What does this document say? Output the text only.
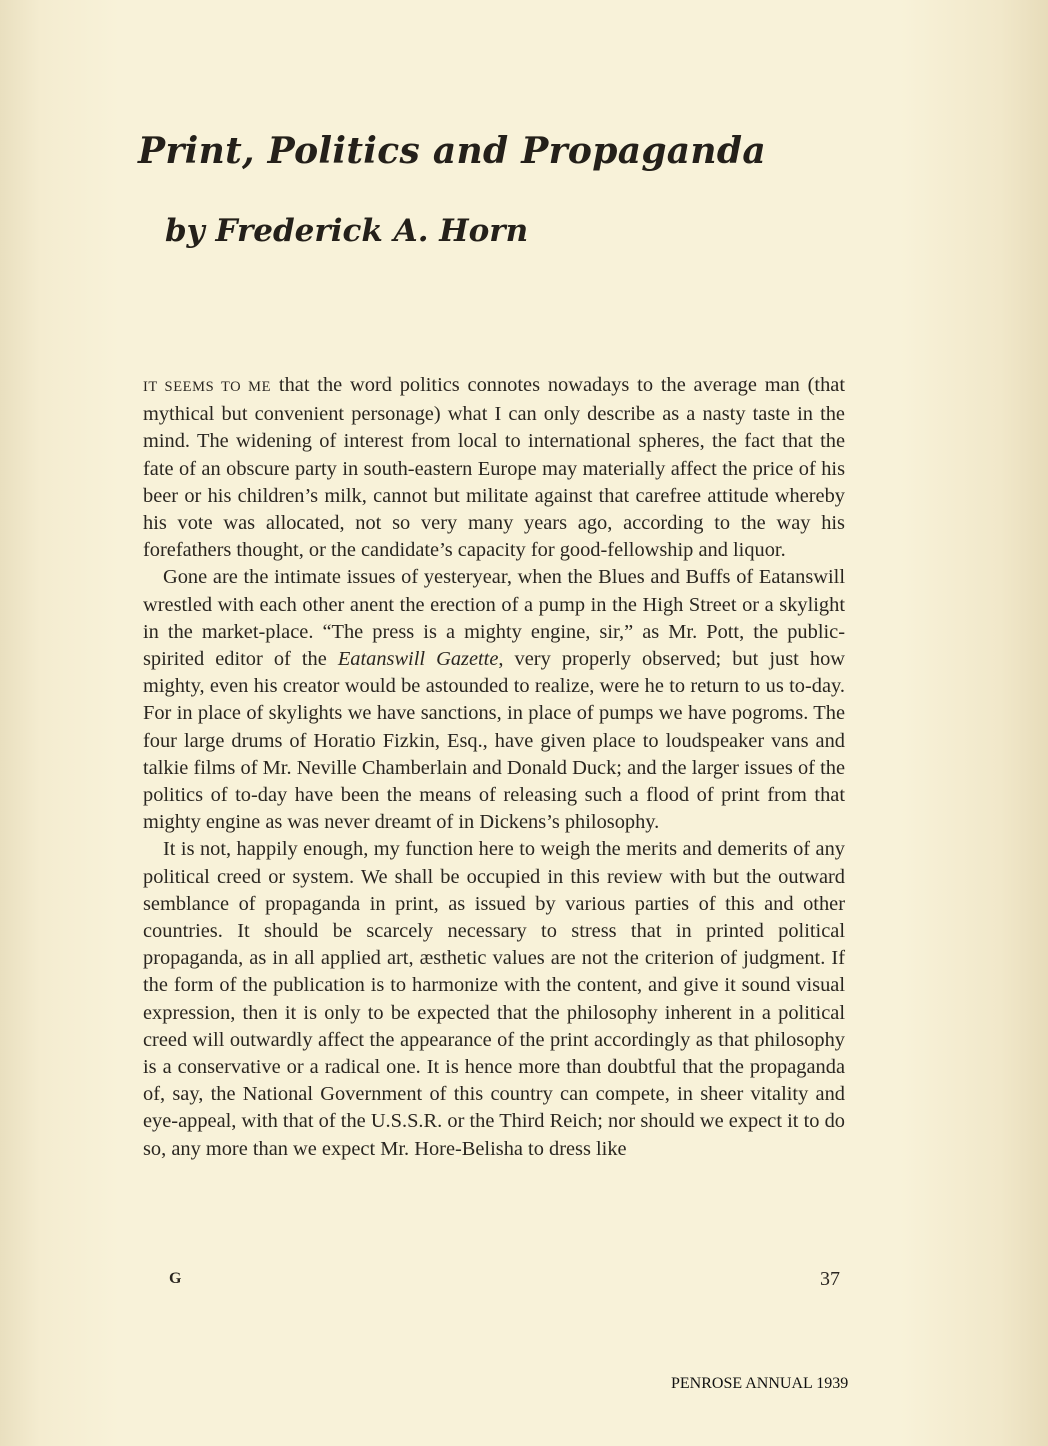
Print, Politics and Propaganda
by Frederick A. Horn

IT SEEMS TO ME that the word politics connotes nowadays to the average man (that mythical but convenient personage) what I can only describe as a nasty taste in the mind. The widening of interest from local to international spheres, the fact that the fate of an obscure party in south-eastern Europe may materially affect the price of his beer or his children’s milk, cannot but militate against that carefree attitude whereby his vote was allocated, not so very many years ago, according to the way his forefathers thought, or the candidate’s capacity for good-fellowship and liquor.

Gone are the intimate issues of yesteryear, when the Blues and Buffs of Eatanswill wrestled with each other anent the erection of a pump in the High Street or a skylight in the market-place. “The press is a mighty engine, sir,” as Mr. Pott, the public-spirited editor of the Eatanswill Gazette, very properly observed; but just how mighty, even his creator would be astounded to realize, were he to return to us to-day. For in place of skylights we have sanctions, in place of pumps we have pogroms. The four large drums of Horatio Fizkin, Esq., have given place to loudspeaker vans and talkie films of Mr. Neville Chamberlain and Donald Duck; and the larger issues of the politics of to-day have been the means of releasing such a flood of print from that mighty engine as was never dreamt of in Dickens’s philosophy.

It is not, happily enough, my function here to weigh the merits and demerits of any political creed or system. We shall be occupied in this review with but the outward semblance of propaganda in print, as issued by various parties of this and other countries. It should be scarcely necessary to stress that in printed political propaganda, as in all applied art, æsthetic values are not the criterion of judgment. If the form of the publication is to harmonize with the content, and give it sound visual expression, then it is only to be expected that the philosophy inherent in a political creed will outwardly affect the appearance of the print accordingly as that philosophy is a conservative or a radical one. It is hence more than doubtful that the propaganda of, say, the National Government of this country can compete, in sheer vitality and eye-appeal, with that of the U.S.S.R. or the Third Reich; nor should we expect it to do so, any more than we expect Mr. Hore-Belisha to dress like

G	37
PENROSE ANNUAL 1939
